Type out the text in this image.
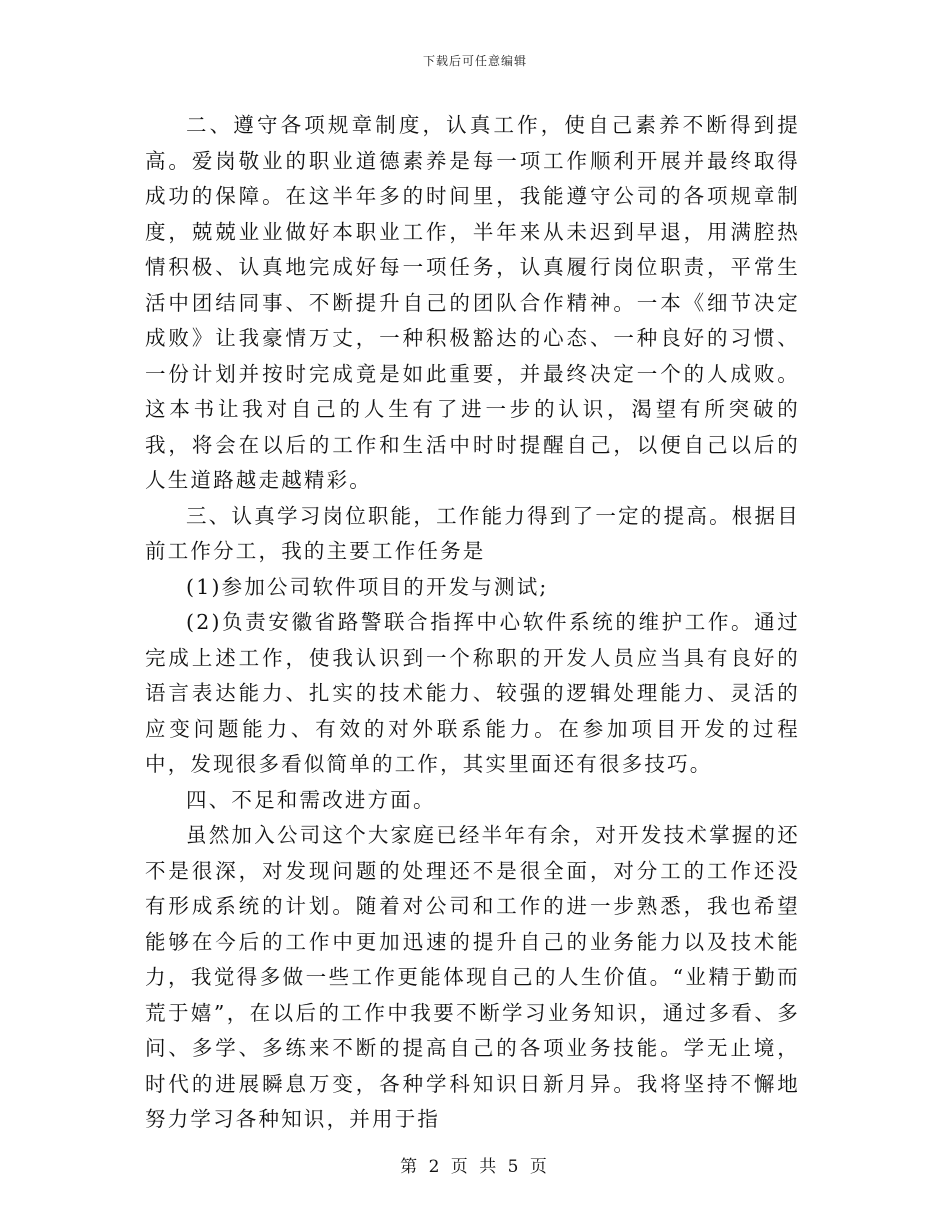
下载后可任意编辑

二、遵守各项规章制度，认真工作，使自己素养不断得到提高。爱岗敬业的职业道德素养是每一项工作顺利开展并最终取得成功的保障。在这半年多的时间里，我能遵守公司的各项规章制度，兢兢业业做好本职业工作，半年来从未迟到早退，用满腔热情积极、认真地完成好每一项任务，认真履行岗位职责，平常生活中团结同事、不断提升自己的团队合作精神。一本《细节决定成败》让我豪情万丈，一种积极豁达的心态、一种良好的习惯、一份计划并按时完成竟是如此重要，并最终决定一个的人成败。这本书让我对自己的人生有了进一步的认识，渴望有所突破的我，将会在以后的工作和生活中时时提醒自己，以便自己以后的人生道路越走越精彩。

三、认真学习岗位职能，工作能力得到了一定的提高。根据目前工作分工，我的主要工作任务是

(1)参加公司软件项目的开发与测试;

(2)负责安徽省路警联合指挥中心软件系统的维护工作。通过完成上述工作，使我认识到一个称职的开发人员应当具有良好的语言表达能力、扎实的技术能力、较强的逻辑处理能力、灵活的应变问题能力、有效的对外联系能力。在参加项目开发的过程中，发现很多看似简单的工作，其实里面还有很多技巧。

四、不足和需改进方面。

虽然加入公司这个大家庭已经半年有余，对开发技术掌握的还不是很深，对发现问题的处理还不是很全面，对分工的工作还没有形成系统的计划。随着对公司和工作的进一步熟悉，我也希望能够在今后的工作中更加迅速的提升自己的业务能力以及技术能力，我觉得多做一些工作更能体现自己的人生价值。“业精于勤而荒于嬉”，在以后的工作中我要不断学习业务知识，通过多看、多问、多学、多练来不断的提高自己的各项业务技能。学无止境，时代的进展瞬息万变，各种学科知识日新月异。我将坚持不懈地努力学习各种知识，并用于指

第 2 页 共 5 页
